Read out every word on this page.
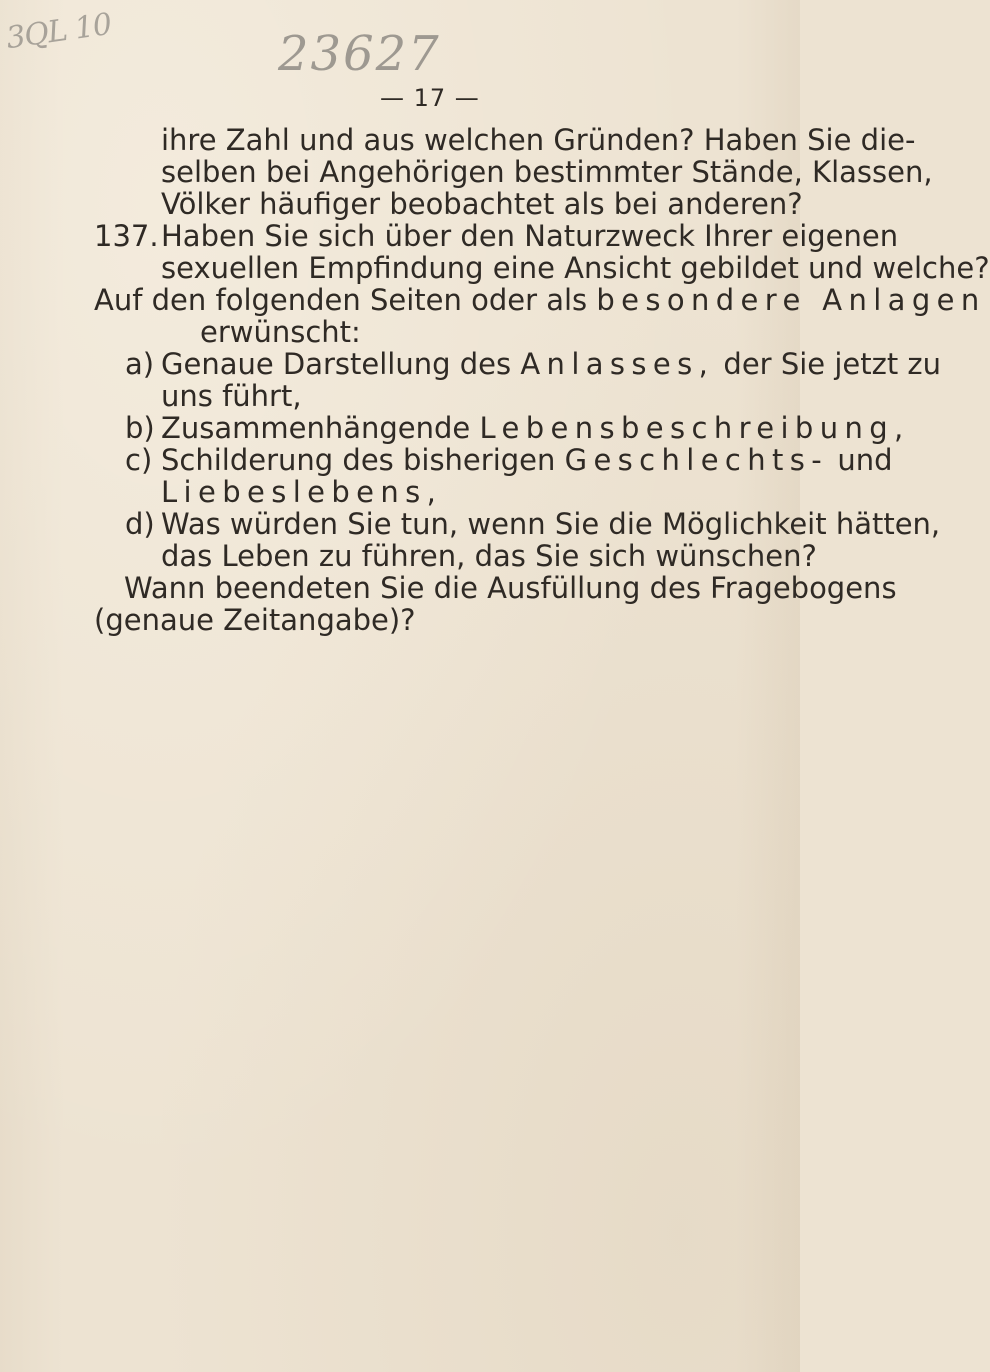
3QL 10	23627
— 17 —
ihre Zahl und aus welchen Gründen? Haben Sie die-
selben bei Angehörigen bestimmter Stände, Klassen,
Völker häufiger beobachtet als bei anderen?
137. Haben Sie sich über den Naturzweck Ihrer eigenen
sexuellen Empfindung eine Ansicht gebildet und welche?
Auf den folgenden Seiten oder als besondere Anlagen
erwünscht:
a) Genaue Darstellung des Anlasses, der Sie jetzt zu
uns führt,
b) Zusammenhängende Lebensbeschreibung,
c) Schilderung des bisherigen Geschlechts- und
Liebeslebens,
d) Was würden Sie tun, wenn Sie die Möglichkeit hätten,
das Leben zu führen, das Sie sich wünschen?
Wann beendeten Sie die Ausfüllung des Fragebogens
(genaue Zeitangabe)?
